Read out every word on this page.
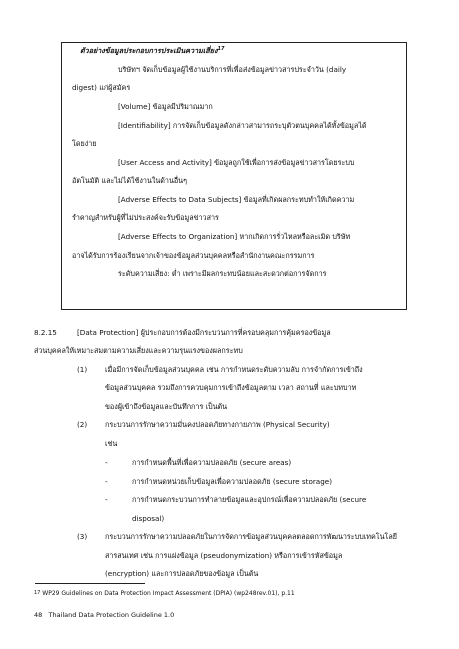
ตัวอย่างข้อมูลประกอบการประเมินความเสี่ยง$^{17}$
บริษัทฯ จัดเก็บข้อมูลผู้ใช้งานบริการที่เพื่อส่งข้อมูลข่าวสารประจำวัน (daily
digest) แก่ผู้สมัคร
[Volume] ข้อมูลมีปริมาณมาก
[Identifiability] การจัดเก็บข้อมูลดังกล่าวสามารถระบุตัวตนบุคคลได้ทั้งข้อมูลได้
โดยง่าย
[User Access and Activity] ข้อมูลถูกใช้เพื่อการส่งข้อมูลข่าวสารโดยระบบ
อัตโนมัติ และไม่ได้ใช้งานในด้านอื่นๆ
[Adverse Effects to Data Subjects] ข้อมูลที่เกิดผลกระทบทำให้เกิดความ
รำคาญสำหรับผู้ที่ไม่ประสงค์จะรับข้อมูลข่าวสาร
[Adverse Effects to Organization] หากเกิดการรั่วไหลหรือละเมิด บริษัท
อาจได้รับการร้องเรียนจากเจ้าของข้อมูลส่วนบุคคลหรือสำนักงานคณะกรรมการ
ระดับความเสี่ยง: ต่ำ เพราะมีผลกระทบน้อยและสะดวกต่อการจัดการ
8.2.15	[Data Protection] ผู้ประกอบการต้องมีกระบวนการที่ครอบคลุมการคุ้มครองข้อมูล
ส่วนบุคคลให้เหมาะสมตามความเสี่ยงและความรุนแรงของผลกระทบ
(1) เมื่อมีการจัดเก็บข้อมูลส่วนบุคคล เช่น การกำหนดระดับความลับ การจำกัดการเข้าถึง
ข้อมูลส่วนบุคคล รวมถึงการควบคุมการเข้าถึงข้อมูลตาม เวลา สถานที่ และบทบาท
ของผู้เข้าถึงข้อมูลและบันทึกการ เป็นต้น
(2) กระบวนการรักษาความมั่นคงปลอดภัยทางกายภาพ (Physical Security)
เช่น
-	การกำหนดพื้นที่เพื่อความปลอดภัย (secure areas)
-	การกำหนดหน่วยเก็บข้อมูลเพื่อความปลอดภัย (secure storage)
-	การกำหนดกระบวนการทำลายข้อมูลและอุปกรณ์เพื่อความปลอดภัย (secure
disposal)
(3) กระบวนการรักษาความปลอดภัยในการจัดการข้อมูลส่วนบุคคลตลอดการพัฒนาระบบเทคโนโลยี
สารสนเทศ เช่น การแฝงข้อมูล (pseudonymization) หรือการเข้ารหัสข้อมูล
(encryption) และการปลอดภัยของข้อมูล เป็นต้น
$^{17}$ WP29 Guidelines on Data Protection Impact Assessment (DPIA) (wp248rev.01), p.11
48 Thailand Data Protection Guideline 1.0
